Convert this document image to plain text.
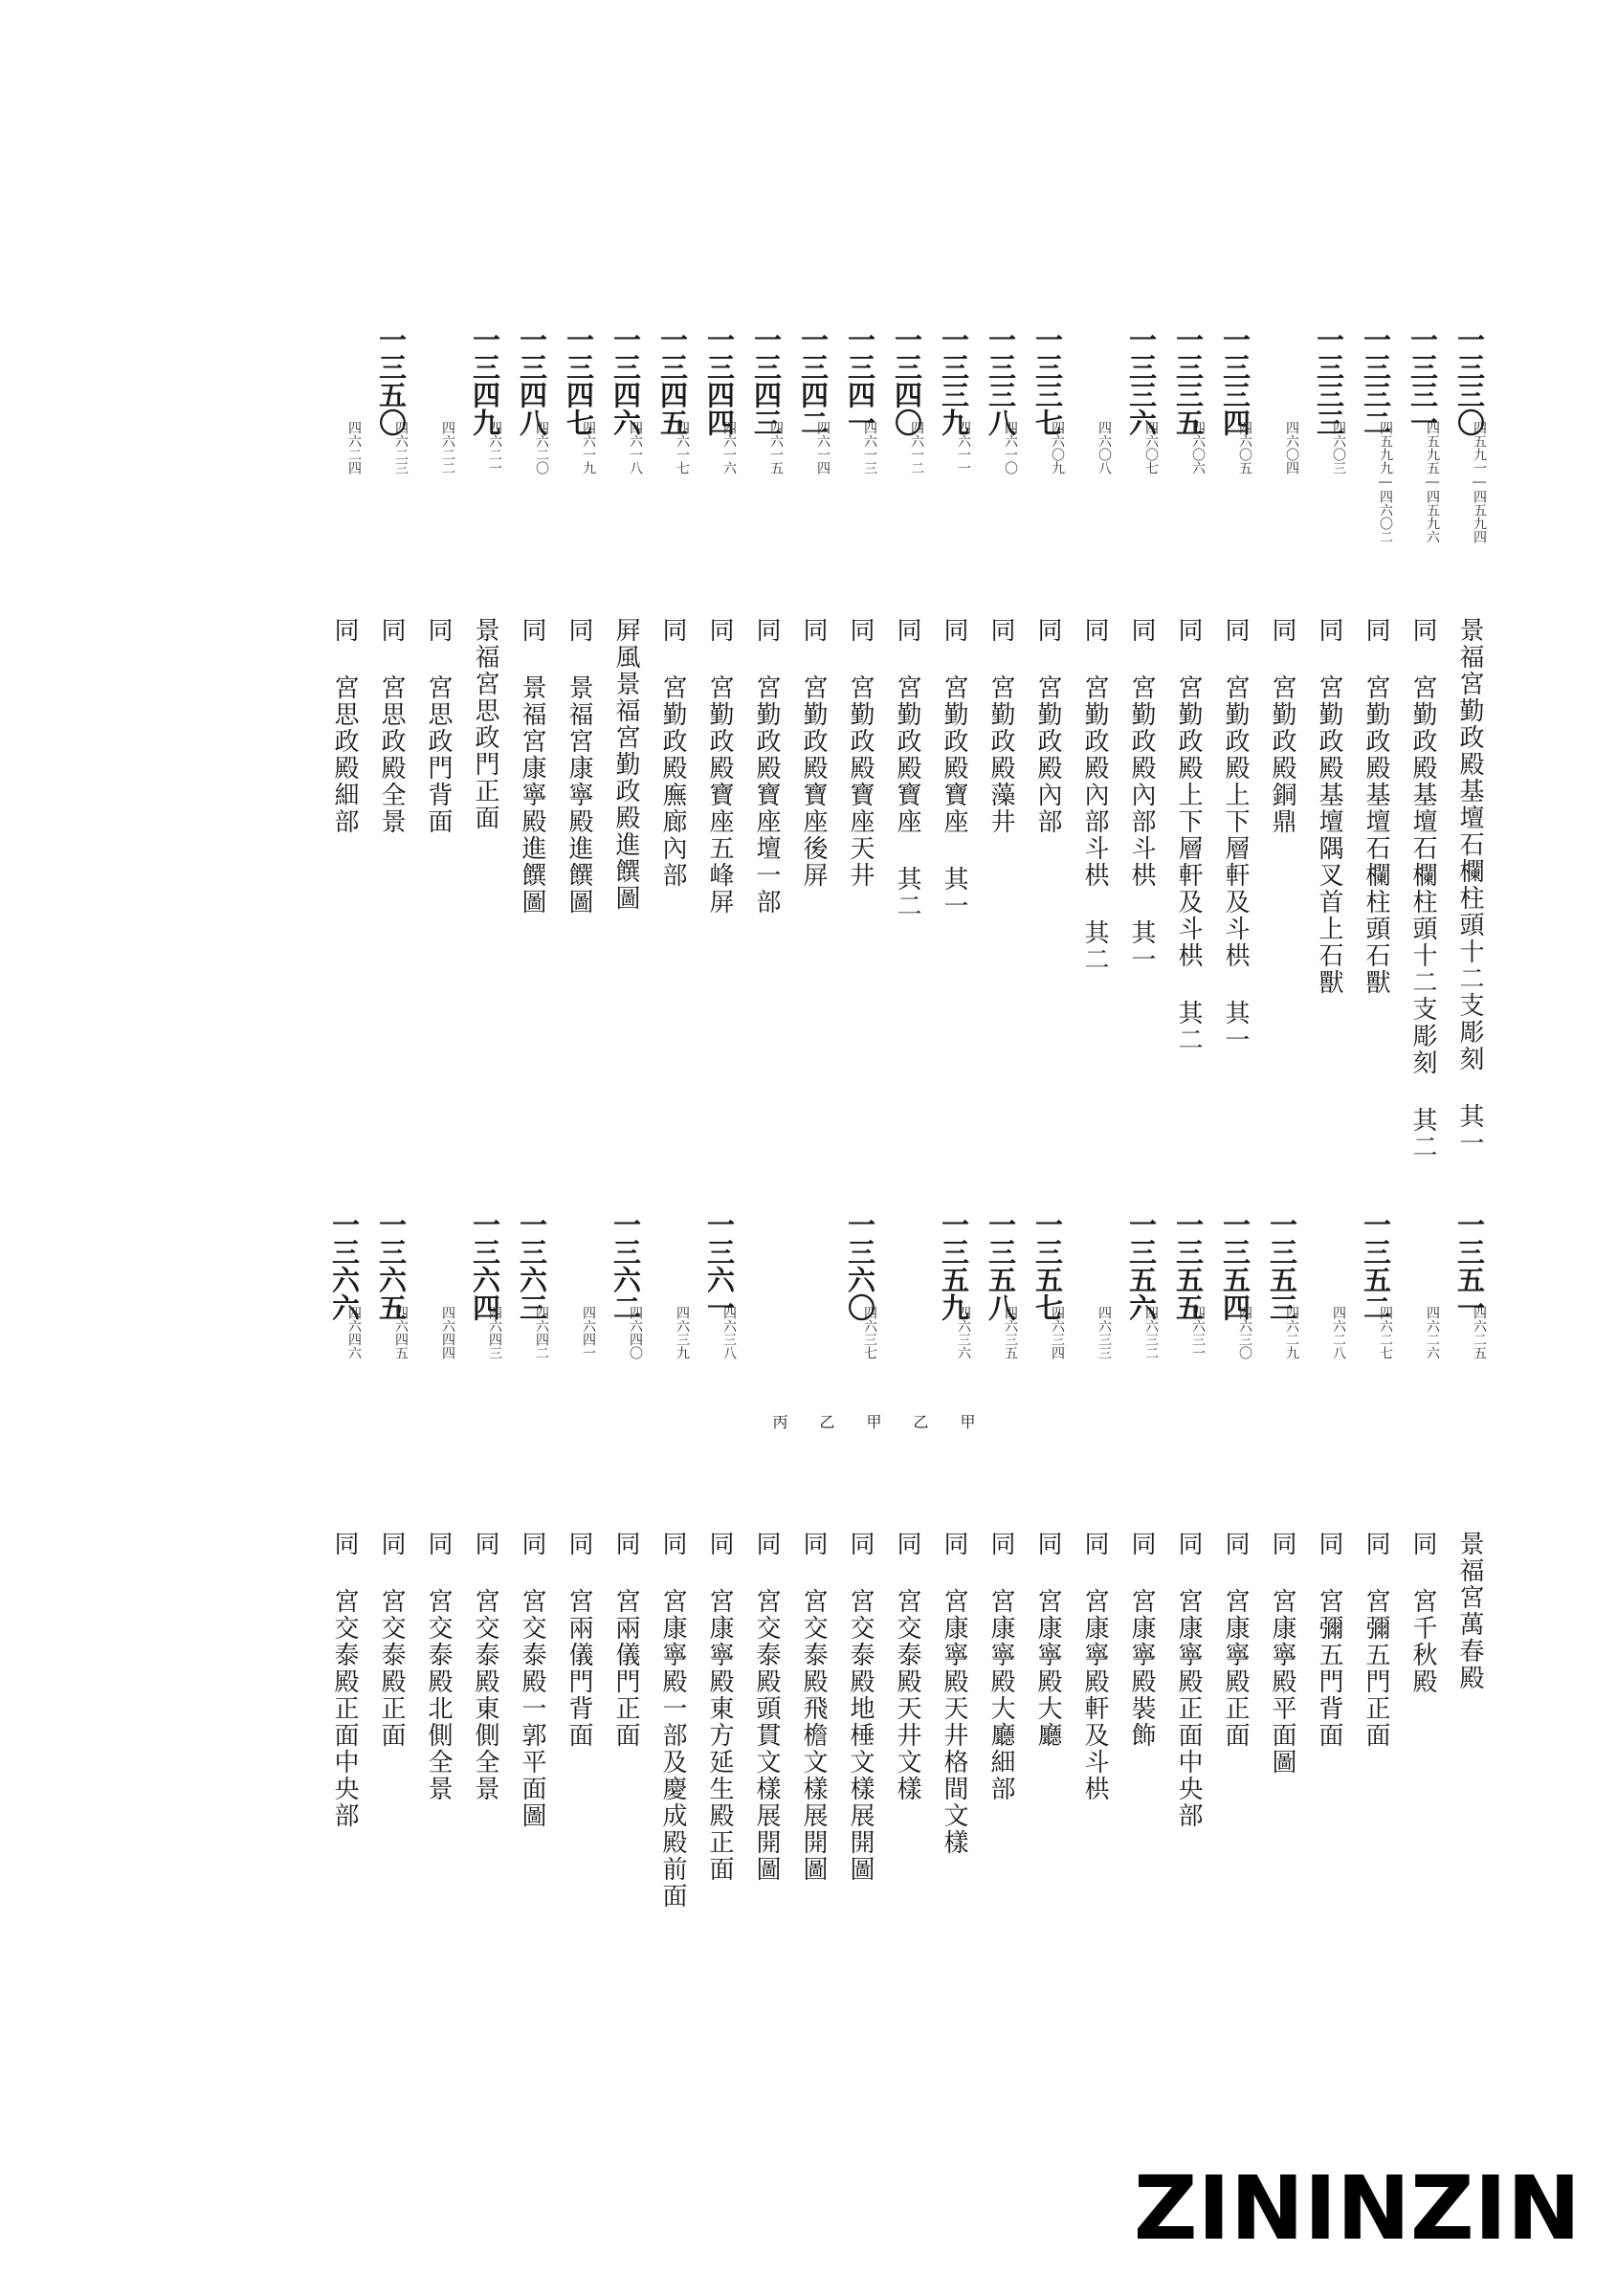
一三三〇
四五九一―四五九四
景福宮勤政殿基壇石欄柱頭十二支彫刻 其一
一三三一
四五九五―四五九六
同 宮勤政殿基壇石欄柱頭十二支彫刻 其二
一三三二
四五九九―四六〇二
同 宮勤政殿基壇石欄柱頭石獸
一三三三
四六〇三
同 宮勤政殿基壇隅叉首上石獸
四六〇四
同 宮勤政殿銅鼎
一三三四
四六〇五
同 宮勤政殿上下層軒及斗栱 其一
一三三五
四六〇六
同 宮勤政殿上下層軒及斗栱 其二
一三三六
四六〇七
同 宮勤政殿內部斗栱 其一
四六〇八
同 宮勤政殿內部斗栱 其二
一三三七
四六〇九
同 宮勤政殿內部
一三三八
四六一〇
同 宮勤政殿藻井
一三三九
四六一一
同 宮勤政殿寶座 其一
一三四〇
四六一二
同 宮勤政殿寶座 其二
一三四一
四六一三
同 宮勤政殿寶座天井
一三四二
四六一四
同 宮勤政殿寶座後屏
一三四三
四六一五
同 宮勤政殿寶座壇一部
一三四四
四六一六
同 宮勤政殿寶座五峰屏
一三四五
四六一七
同 宮勤政殿廡廊內部
一三四六
四六一八
屛風景福宮勤政殿進饌圖
一三四七
四六一九
同 景福宮康寧殿進饌圖
一三四八
四六二〇
同 景福宮康寧殿進饌圖
一三四九
四六二一
景福宮思政門正面
四六二二
同 宮思政門背面
一三五〇
四六二三
同 宮思政殿全景
四六二四
同 宮思政殿細部
一三五一
四六二五
景福宮萬春殿
四六二六
同 宮千秋殿
一三五二
四六二七
同 宮彌五門正面
四六二八
同 宮彌五門背面
一三五三
四六二九
同 宮康寧殿平面圖
一三五四
四六三〇
同 宮康寧殿正面
一三五五
四六三一
同 宮康寧殿正面中央部
一三五六
四六三二
同 宮康寧殿裝飾
四六三三
同 宮康寧殿軒及斗栱
一三五七
四六三四
同 宮康寧殿大廳
一三五八
四六三五
同 宮康寧殿大廳細部
一三五九
四六三六
甲
同 宮康寧殿天井格間文樣
乙
同 宮交泰殿天井文樣
一三六〇
四六三七
甲
同 宮交泰殿地棰文樣展開圖
乙
同 宮交泰殿飛檐文樣展開圖
丙
同 宮交泰殿頭貫文樣展開圖
一三六一
四六三八
同 宮康寧殿東方延生殿正面
四六三九
同 宮康寧殿一部及慶成殿前面
一三六二
四六四〇
同 宮兩儀門正面
四六四一
同 宮兩儀門背面
一三六三
四六四二
同 宮交泰殿一郭平面圖
一三六四
四六四三
同 宮交泰殿東側全景
四六四四
同 宮交泰殿北側全景
一三六五
四六四五
同 宮交泰殿正面
一三六六
四六四六
同 宮交泰殿正面中央部
ZININZIN
